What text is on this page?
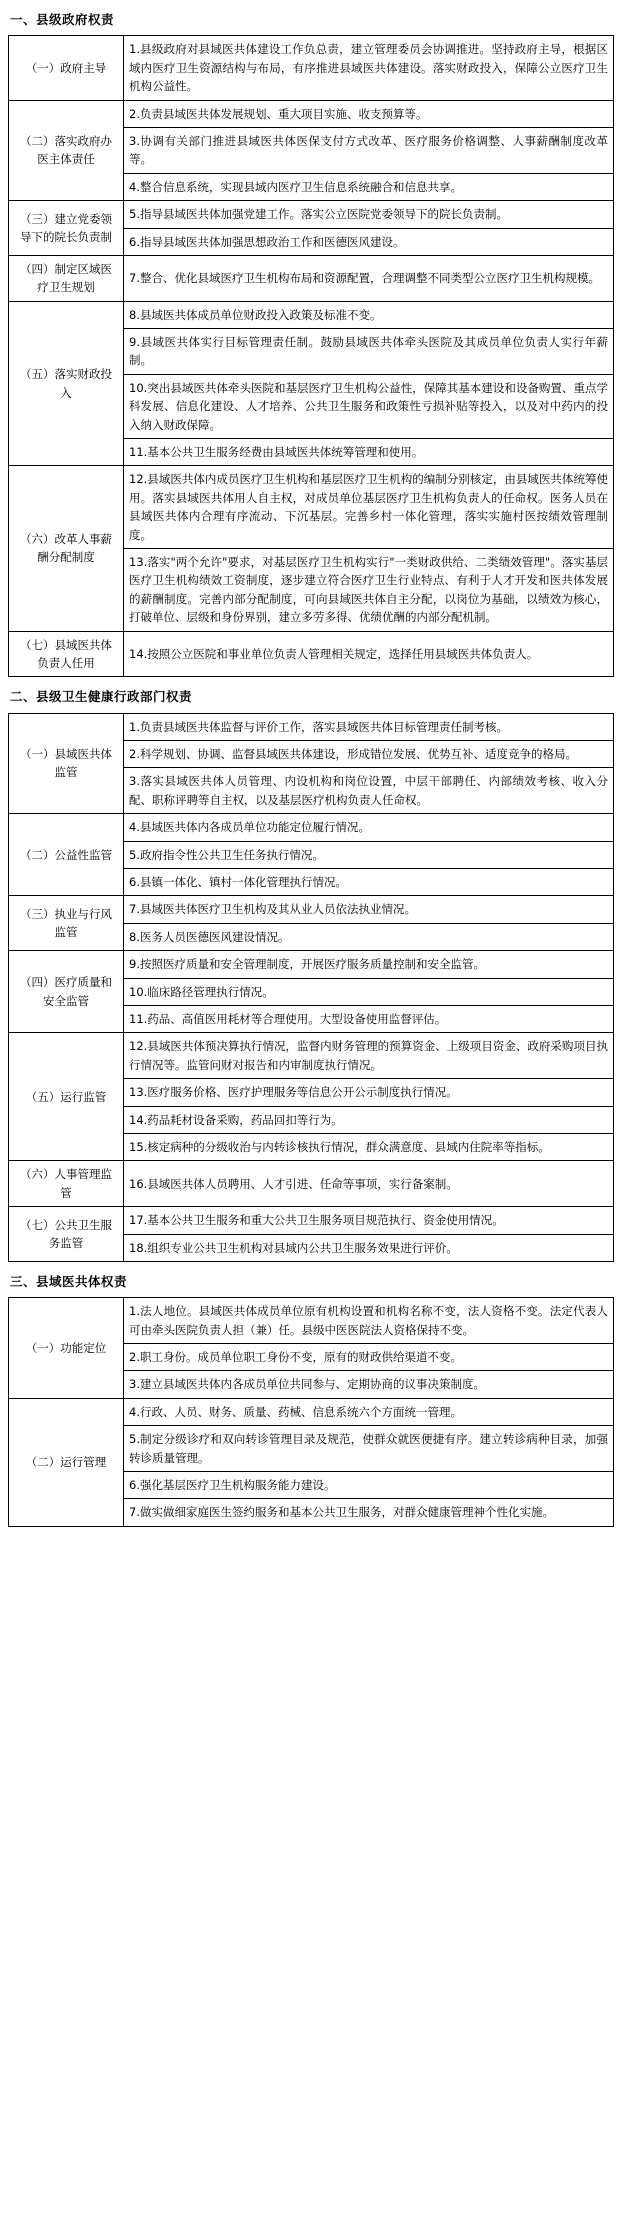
一、县级政府权责
（一）政府主导	1.县级政府对县域医共体建设工作负总责，建立管理委员会协调推进。坚持政府主导，根据区域内医疗卫生资源结构与布局，有序推进县域医共体建设。落实财政投入，保障公立医疗卫生机构公益性。

（二）落实政府办医主体责任	2.负责县域医共体发展规划、重大项目实施、收支预算等。
	3.协调有关部门推进县域医共体医保支付方式改革、医疗服务价格调整、人事薪酬制度改革等。
	4.整合信息系统，实现县域内医疗卫生信息系统融合和信息共享。

（三）建立党委领导下的院长负责制	5.指导县域医共体加强党建工作。落实公立医院党委领导下的院长负责制。
	6.指导县域医共体加强思想政治工作和医德医风建设。

（四）制定区域医疗卫生规划	7.整合、优化县域医疗卫生机构布局和资源配置，合理调整不同类型公立医疗卫生机构规模。

（五）落实财政投入	8.县域医共体成员单位财政投入政策及标准不变。
	9.县域医共体实行目标管理责任制。鼓励县域医共体牵头医院及其成员单位负责人实行年薪制。
	10.突出县域医共体牵头医院和基层医疗卫生机构公益性，保障其基本建设和设备购置、重点学科发展、信息化建设、人才培养、公共卫生服务和政策性亏损补贴等投入，以及对中药内的投入纳入财政保障。
	11.基本公共卫生服务经费由县域医共体统筹管理和使用。

（六）改革人事薪酬分配制度	12.县域医共体内成员医疗卫生机构和基层医疗卫生机构的编制分别核定，由县域医共体统筹使用。落实县域医共体用人自主权，对成员单位基层医疗卫生机构负责人的任命权。医务人员在县域医共体内合理有序流动、下沉基层。完善乡村一体化管理，落实实施村医按绩效管理制度。
	13.落实"两个允许"要求，对基层医疗卫生机构实行"一类财政供给、二类绩效管理"。落实基层医疗卫生机构绩效工资制度，逐步建立符合医疗卫生行业特点、有利于人才开发和医共体发展的薪酬制度。完善内部分配制度，可向县域医共体自主分配，以岗位为基础，以绩效为核心，打破单位、层级和身份界别，建立多劳多得、优绩优酬的内部分配机制。

（七）县域医共体负责人任用	14.按照公立医院和事业单位负责人管理相关规定，选择任用县域医共体负责人。
二、县级卫生健康行政部门权责
（一）县域医共体监管	1.负责县域医共体监督与评价工作，落实县域医共体目标管理责任制考核。
	2.科学规划、协调、监督县域医共体建设，形成错位发展、优势互补、适度竞争的格局。
	3.落实县域医共体人员管理、内设机构和岗位设置，中层干部聘任、内部绩效考核、收入分配、职称评聘等自主权，以及基层医疗机构负责人任命权。

（二）公益性监管	4.县域医共体内各成员单位功能定位履行情况。
	5.政府指令性公共卫生任务执行情况。
	6.县镇一体化、镇村一体化管理执行情况。

（三）执业与行风监管	7.县域医共体医疗卫生机构及其从业人员依法执业情况。
	8.医务人员医德医风建设情况。

（四）医疗质量和安全监管	9.按照医疗质量和安全管理制度，开展医疗服务质量控制和安全监管。
	10.临床路径管理执行情况。
	11.药品、高值医用耗材等合理使用。大型设备使用监督评估。

（五）运行监管	12.县域医共体预决算执行情况，监督内财务管理的预算资金、上级项目资金、政府采购项目执行情况等。监管问财对报告和内审制度执行情况。
	13.医疗服务价格、医疗护理服务等信息公开公示制度执行情况。
	14.药品耗材设备采购，药品回扣等行为。
	15.核定病种的分级收治与内转诊核执行情况，群众满意度、县域内住院率等指标。

（六）人事管理监管	16.县域医共体人员聘用、人才引进、任命等事项，实行备案制。

（七）公共卫生服务监管	17.基本公共卫生服务和重大公共卫生服务项目规范执行、资金使用情况。
	18.组织专业公共卫生机构对县域内公共卫生服务效果进行评价。
三、县域医共体权责
（一）功能定位	1.法人地位。县域医共体成员单位原有机构设置和机构名称不变，法人资格不变。法定代表人可由牵头医院负责人担（兼）任。县级中医医院法人资格保持不变。
	2.职工身份。成员单位职工身份不变，原有的财政供给渠道不变。
	3.建立县域医共体内各成员单位共同参与、定期协商的议事决策制度。

（二）运行管理	4.行政、人员、财务、质量、药械、信息系统六个方面统一管理。
	5.制定分级诊疗和双向转诊管理目录及规范，使群众就医便捷有序。建立转诊病种目录，加强转诊质量管理。
	6.强化基层医疗卫生机构服务能力建设。
	7.做实做细家庭医生签约服务和基本公共卫生服务，对群众健康管理神个性化实施。
